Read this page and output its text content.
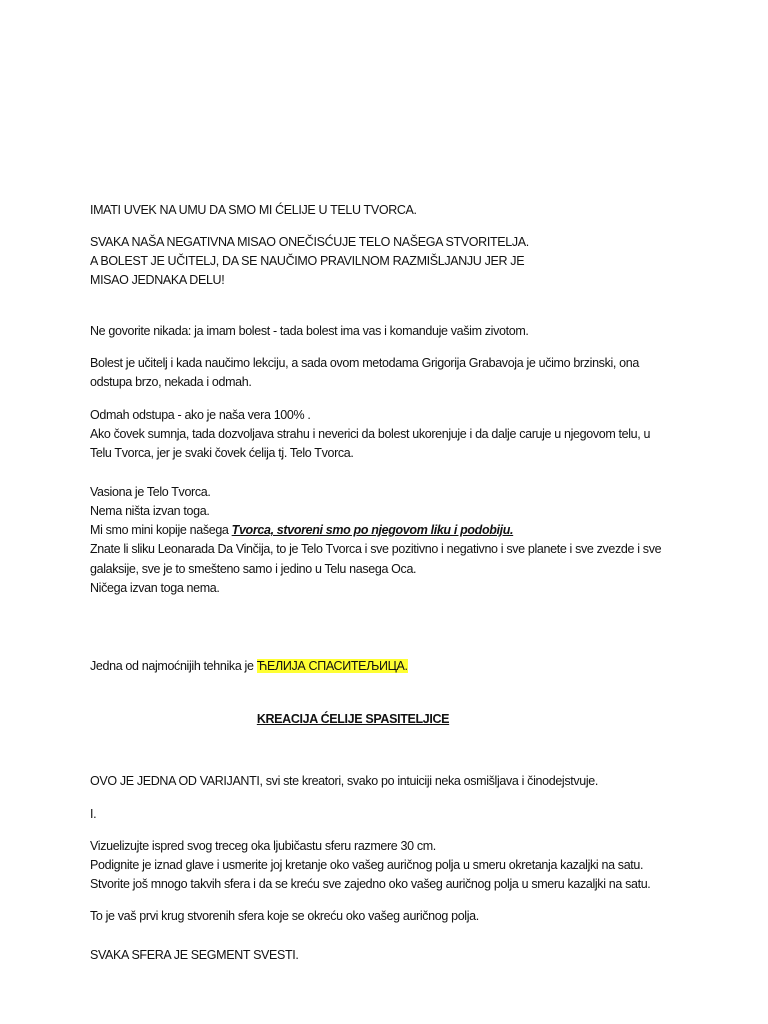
IMATI UVEK NA UMU DA SMO MI ĆELIJE U TELU TVORCA.
SVAKA NAŠA NEGATIVNA MISAO ONEČISĆUJE TELO NAŠEGA STVORITELJA.
A BOLEST JE UČITELJ, DA SE NAUČIMO PRAVILNOM RAZMIŠLJANJU JER JE
MISAO JEDNAKA DELU!
Ne govorite nikada: ja imam bolest - tada bolest ima vas i komanduje vašim zivotom.
Bolest je učitelj i kada naučimo lekciju, a sada ovom metodama Grigorija Grabavoja je učimo brzinski, ona
odstupa brzo, nekada i odmah.
Odmah odstupa - ako je naša vera 100% .
Ako čovek sumnja, tada dozvoljava strahu i neverici da bolest ukorenjuje i da dalje caruje u njegovom telu, u
Telu Tvorca, jer je svaki čovek ćelija tj. Telo Tvorca.
Vasiona je Telo Tvorca.
Nema ništa izvan toga.
Mi smo mini kopije našega Tvorca, stvoreni smo po njegovom liku i podobiju.
Znate li sliku Leonarada Da Vinčija, to je Telo Tvorca i sve pozitivno i negativno i sve planete i sve zvezde i sve
galaksije, sve je to smešteno samo i jedino u Telu nasega Oca.
Ničega izvan toga nema.
Jedna od najmoćnijih tehnika je ЋЕЛИЈА СПАСИТЕЉИЦА.
KREACIJA ĆELIJE SPASITELJICE
OVO JE JEDNA OD VARIJANTI, svi ste kreatori, svako po intuiciji neka osmišljava i činodejstvuje.
I.
Vizuelizujte ispred svog treceg oka ljubičastu sferu razmere 30 cm.
Podignite je iznad glave i usmerite joj kretanje oko vašeg auričnog polja u smeru okretanja kazaljki na satu.
Stvorite još mnogo takvih sfera i da se kreću sve zajedno oko vašeg auričnog polja u smeru kazaljki na satu.
To je vaš prvi krug stvorenih sfera koje se okreću oko vašeg auričnog polja.
SVAKA SFERA JE SEGMENT SVESTI.
